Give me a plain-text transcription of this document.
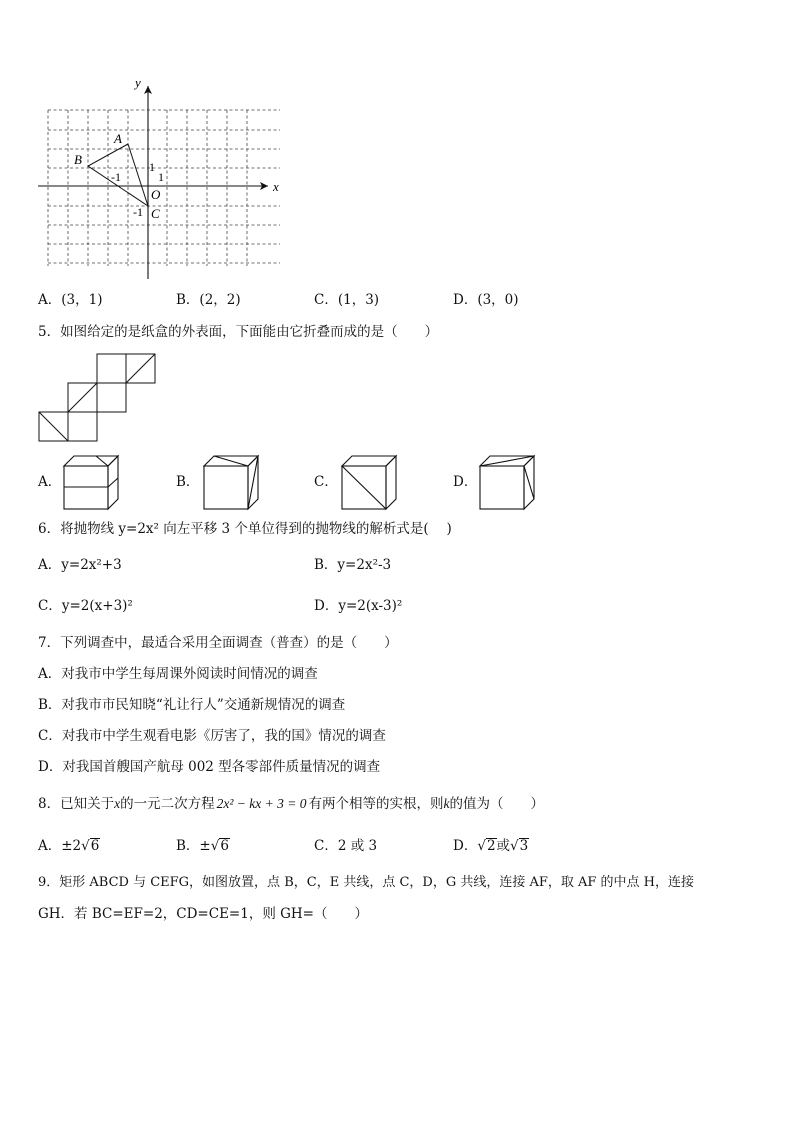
x
y
O
A
B
C
-1	1
1
-1
A．(3，1)	B．(2，2)	C．(1，3)	D．(3，0)
5．如图给定的是纸盒的外表面，下面能由它折叠而成的是（　　）
A．	B．	C．	D．
6．将抛物线 y=2x² 向左平移 3 个单位得到的抛物线的解析式是(　 )
A．y=2x²+3	B．y=2x²-3
C．y=2(x+3)²	D．y=2(x-3)²
7．下列调查中，最适合采用全面调查（普查）的是（　　）
A．对我市中学生每周课外阅读时间情况的调查
B．对我市市民知晓“礼让行人”交通新规情况的调查
C．对我市中学生观看电影《厉害了，我的国》情况的调查
D．对我国首艘国产航母 002 型各零部件质量情况的调查
8．已知关于x的一元二次方程 2x² − kx + 3 = 0 有两个相等的实根，则k的值为（　　）
A．±2√6	B．±√6	C．2 或 3	D．√2或√3
9．矩形 ABCD 与 CEFG，如图放置，点 B，C，E 共线，点 C，D，G 共线，连接 AF，取 AF 的中点 H，连接
GH．若 BC=EF=2，CD=CE=1，则 GH=（　　）
